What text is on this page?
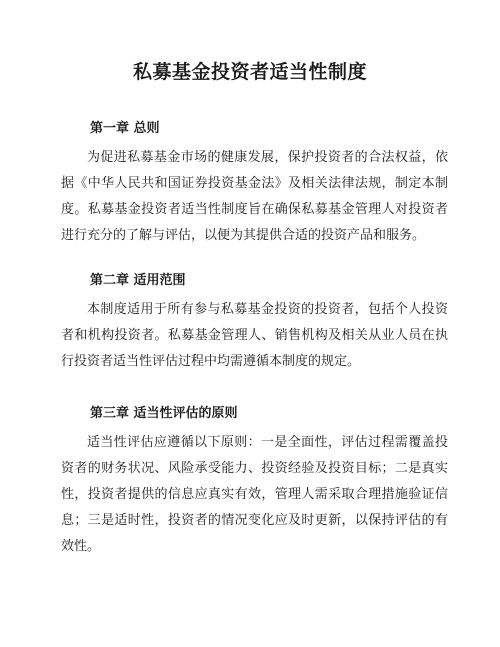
私募基金投资者适当性制度
第一章 总则

为促进私募基金市场的健康发展，保护投资者的合法权益，依据《中华人民共和国证券投资基金法》及相关法律法规，制定本制度。私募基金投资者适当性制度旨在确保私募基金管理人对投资者进行充分的了解与评估，以便为其提供合适的投资产品和服务。

第二章 适用范围

本制度适用于所有参与私募基金投资的投资者，包括个人投资者和机构投资者。私募基金管理人、销售机构及相关从业人员在执行投资者适当性评估过程中均需遵循本制度的规定。

第三章 适当性评估的原则

适当性评估应遵循以下原则：一是全面性，评估过程需覆盖投资者的财务状况、风险承受能力、投资经验及投资目标；二是真实性，投资者提供的信息应真实有效，管理人需采取合理措施验证信息；三是适时性，投资者的情况变化应及时更新，以保持评估的有效性。
